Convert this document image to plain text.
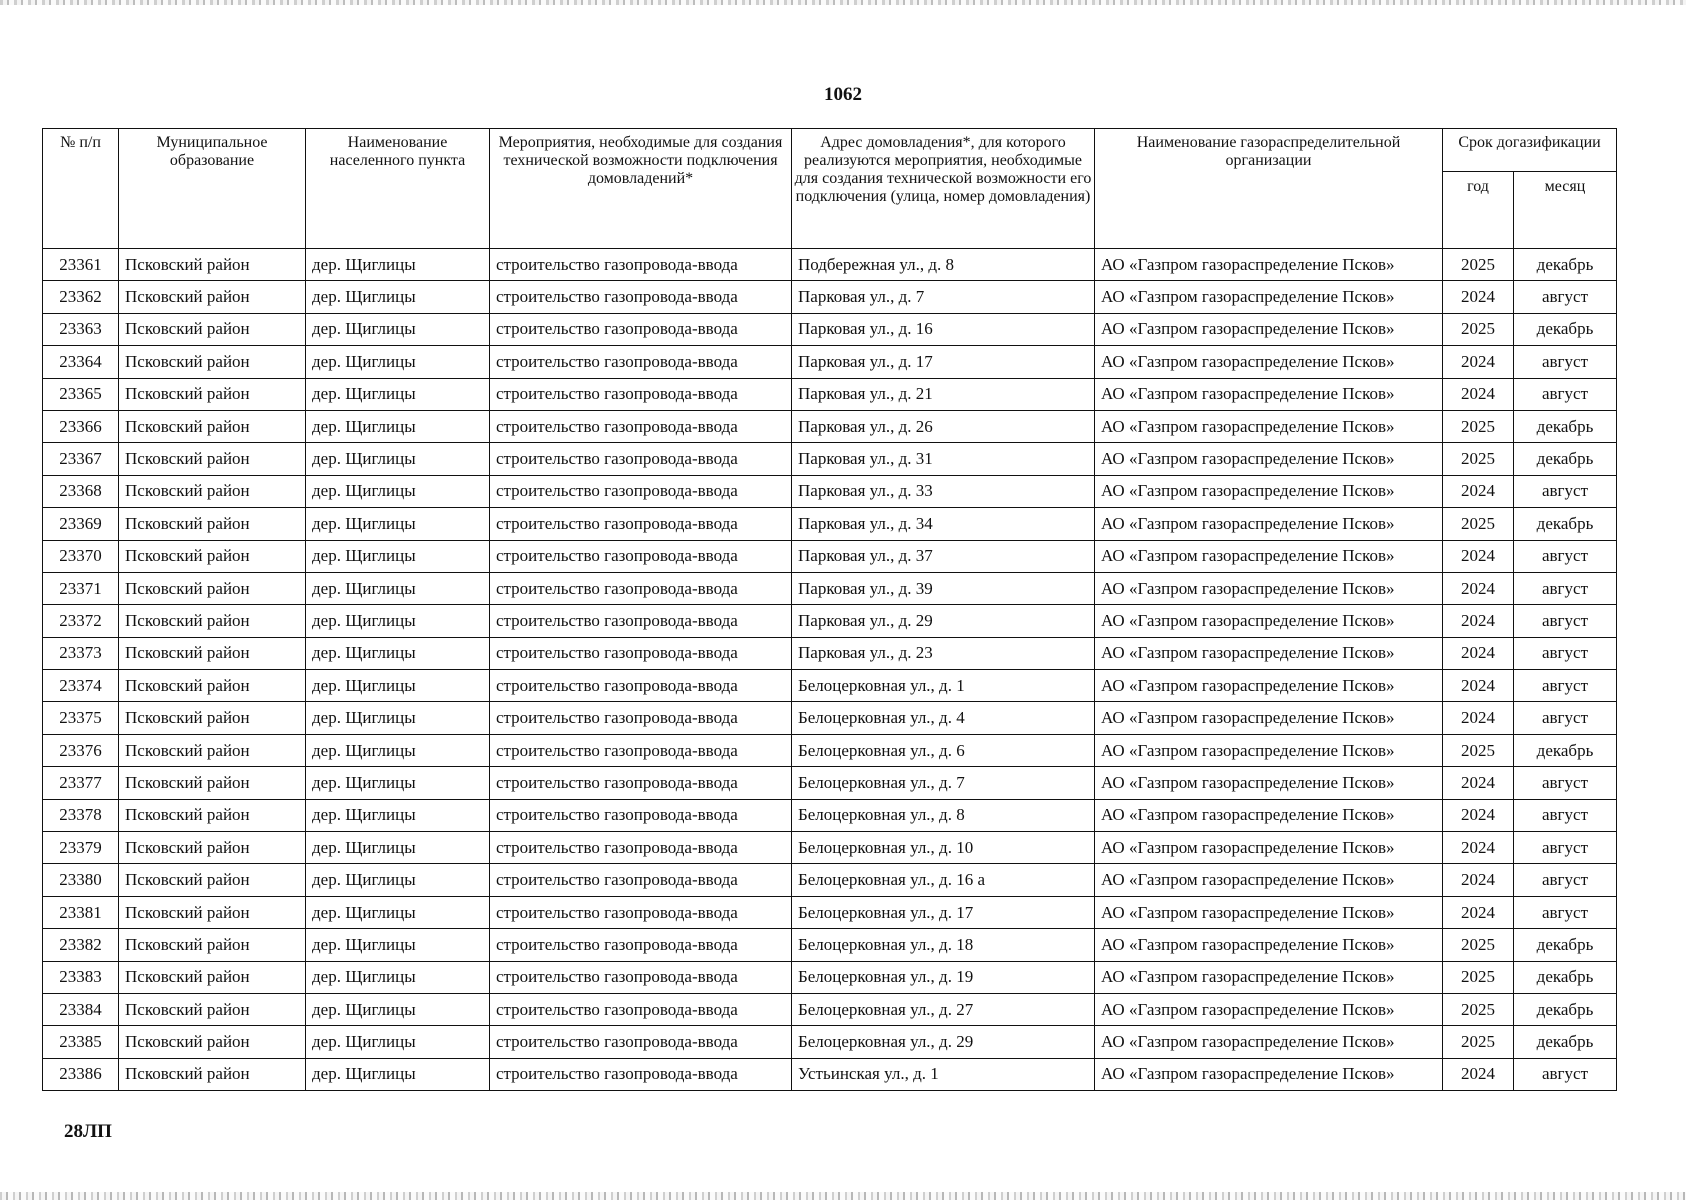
1062
№ п/п	Муниципальное образование	Наименование населенного пункта	Мероприятия, необходимые для создания технической возможности подключения домовладений*	Адрес домовладения*, для которого реализуются мероприятия, необходимые для создания технической возможности его подключения (улица, номер домовладения)	Наименование газораспределительной организации	Срок догазификации	
						год	месяц
23361	Псковский район	дер. Щиглицы	строительство газопровода-ввода	Подбережная ул., д. 8	АО «Газпром газораспределение Псков»	2025	декабрь
23362	Псковский район	дер. Щиглицы	строительство газопровода-ввода	Парковая ул., д. 7	АО «Газпром газораспределение Псков»	2024	август
23363	Псковский район	дер. Щиглицы	строительство газопровода-ввода	Парковая ул., д. 16	АО «Газпром газораспределение Псков»	2025	декабрь
23364	Псковский район	дер. Щиглицы	строительство газопровода-ввода	Парковая ул., д. 17	АО «Газпром газораспределение Псков»	2024	август
23365	Псковский район	дер. Щиглицы	строительство газопровода-ввода	Парковая ул., д. 21	АО «Газпром газораспределение Псков»	2024	август
23366	Псковский район	дер. Щиглицы	строительство газопровода-ввода	Парковая ул., д. 26	АО «Газпром газораспределение Псков»	2025	декабрь
23367	Псковский район	дер. Щиглицы	строительство газопровода-ввода	Парковая ул., д. 31	АО «Газпром газораспределение Псков»	2025	декабрь
23368	Псковский район	дер. Щиглицы	строительство газопровода-ввода	Парковая ул., д. 33	АО «Газпром газораспределение Псков»	2024	август
23369	Псковский район	дер. Щиглицы	строительство газопровода-ввода	Парковая ул., д. 34	АО «Газпром газораспределение Псков»	2025	декабрь
23370	Псковский район	дер. Щиглицы	строительство газопровода-ввода	Парковая ул., д. 37	АО «Газпром газораспределение Псков»	2024	август
23371	Псковский район	дер. Щиглицы	строительство газопровода-ввода	Парковая ул., д. 39	АО «Газпром газораспределение Псков»	2024	август
23372	Псковский район	дер. Щиглицы	строительство газопровода-ввода	Парковая ул., д. 29	АО «Газпром газораспределение Псков»	2024	август
23373	Псковский район	дер. Щиглицы	строительство газопровода-ввода	Парковая ул., д. 23	АО «Газпром газораспределение Псков»	2024	август
23374	Псковский район	дер. Щиглицы	строительство газопровода-ввода	Белоцерковная ул., д. 1	АО «Газпром газораспределение Псков»	2024	август
23375	Псковский район	дер. Щиглицы	строительство газопровода-ввода	Белоцерковная ул., д. 4	АО «Газпром газораспределение Псков»	2024	август
23376	Псковский район	дер. Щиглицы	строительство газопровода-ввода	Белоцерковная ул., д. 6	АО «Газпром газораспределение Псков»	2025	декабрь
23377	Псковский район	дер. Щиглицы	строительство газопровода-ввода	Белоцерковная ул., д. 7	АО «Газпром газораспределение Псков»	2024	август
23378	Псковский район	дер. Щиглицы	строительство газопровода-ввода	Белоцерковная ул., д. 8	АО «Газпром газораспределение Псков»	2024	август
23379	Псковский район	дер. Щиглицы	строительство газопровода-ввода	Белоцерковная ул., д. 10	АО «Газпром газораспределение Псков»	2024	август
23380	Псковский район	дер. Щиглицы	строительство газопровода-ввода	Белоцерковная ул., д. 16 а	АО «Газпром газораспределение Псков»	2024	август
23381	Псковский район	дер. Щиглицы	строительство газопровода-ввода	Белоцерковная ул., д. 17	АО «Газпром газораспределение Псков»	2024	август
23382	Псковский район	дер. Щиглицы	строительство газопровода-ввода	Белоцерковная ул., д. 18	АО «Газпром газораспределение Псков»	2025	декабрь
23383	Псковский район	дер. Щиглицы	строительство газопровода-ввода	Белоцерковная ул., д. 19	АО «Газпром газораспределение Псков»	2025	декабрь
23384	Псковский район	дер. Щиглицы	строительство газопровода-ввода	Белоцерковная ул., д. 27	АО «Газпром газораспределение Псков»	2025	декабрь
23385	Псковский район	дер. Щиглицы	строительство газопровода-ввода	Белоцерковная ул., д. 29	АО «Газпром газораспределение Псков»	2025	декабрь
23386	Псковский район	дер. Щиглицы	строительство газопровода-ввода	Устьинская ул., д. 1	АО «Газпром газораспределение Псков»	2024	август
28ЛП
